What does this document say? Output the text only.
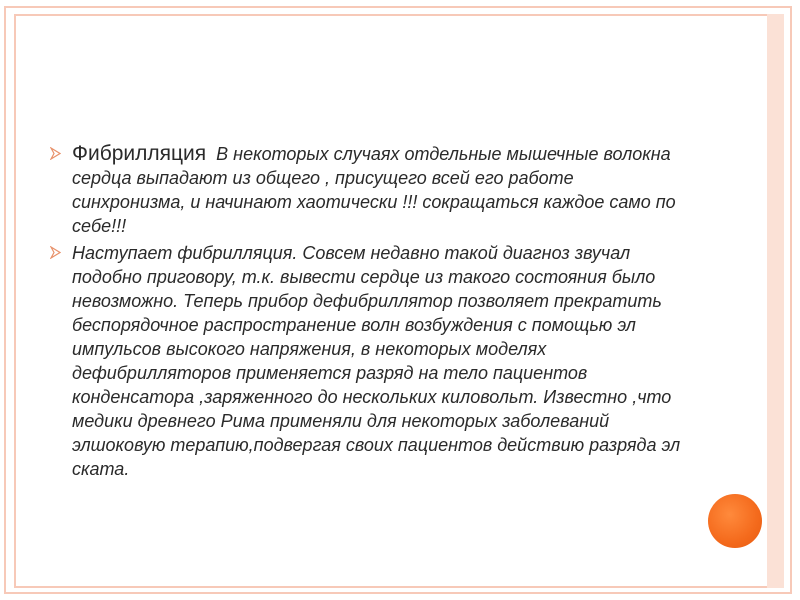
Фибрилляция В некоторых случаях отдельные мышечные волокна сердца выпадают из общего , присущего всей его работе синхронизма, и начинают хаотически !!! сокращаться каждое само по себе!!!
Наступает фибрилляция. Совсем недавно такой диагноз звучал подобно приговору, т.к. вывести сердце из такого состояния было невозможно. Теперь прибор дефибриллятор позволяет прекратить беспорядочное распространение волн возбуждения с помощью эл импульсов высокого напряжения, в некоторых моделях дефибрилляторов применяется разряд на тело пациентов конденсатора ,заряженного до нескольких киловольт. Известно ,что медики древнего Рима применяли для некоторых заболеваний элшоковую терапию,подвергая своих пациентов действию разряда эл ската.
